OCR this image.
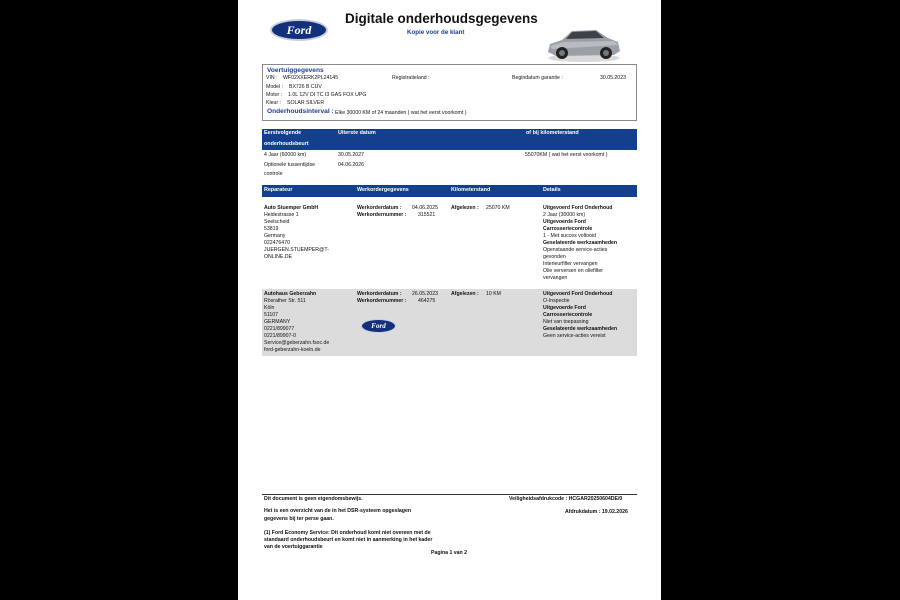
Ford
Digitale onderhoudsgegevens
Kopie voor de klant
Voertuiggegevens
VIN : WF02XXERK2PL24145	Registratieland :	Begindatum garantie :	30.05.2023
Model : BX726 B CUV
Motor : 1.0L 12V DI TC I3 GAS FOX UPG
Kleur : SOLAR SILVER
Onderhoudsinterval : Elke 30000 KM of 24 maanden ( wat het eerst voorkomt )
Eerstvolgende
onderhoudsbeurt
Uiterste datum	of bij kilometerstand
4 Jaar (60000 km)	30.05.2027	55070KM ( wat het eerst voorkomt )
Optionele tussentijdse
controle
04.06.2026
Reparateur	Werkordergegevens	Kilometerstand	Details
Auto Stuemper GmbH
Heidestrasse 1
Seelscheid
53819
Germany
022476470
JUERGEN.STUEMPER@T-
ONLINE.DE
Werkorderdatum : 04.06.2025
Werkordernummer : 315521
Afgelezen : 25070 KM	Uitgevoerd Ford Onderhoud
2 Jaar (30000 km)
Uitgevoerde Ford
Carrosseriecontrole
1 - Met succes voltooid
Geselateerde werkzaamheden
Openstaande service-acties
gevonden
Interieurfilter vervangen
Olie verversen en oliefilter
vervangen
Autohaus Geberzahn
Rösrather Str. 511
Köln
51107
GERMANY
0221/899077
0221/89907-0
Service@geberzahn.fsoc.de
ford-geberzahn-koeln.de
Werkorderdatum : 26.05.2023
Werkordernummer : 464275
Afgelezen : 10 KM
Ford
Uitgevoerd Ford Onderhoud
O-Inspectie
Uitgevoerde Ford
Carrosseriecontrole
Niet van toepassing
Geselateerde werkzaamheden
Geen service-acties vereist
Dit document is geen eigendomsbewijs.	Veiligheidsafdrukcode : HCGAR20250604DE/0
Het is een overzicht van de in het DSR-systeem opgeslagen
gegevens bij ter perse gaan.
Afdrukdatum : 19.02.2026
(1) Ford Economy Service: Dit onderhoud komt niet overeen met de
standaard onderhoudsbeurt en komt niet in aanmerking in het kader
van de voertuiggarantie
Pagina 1 van 2
